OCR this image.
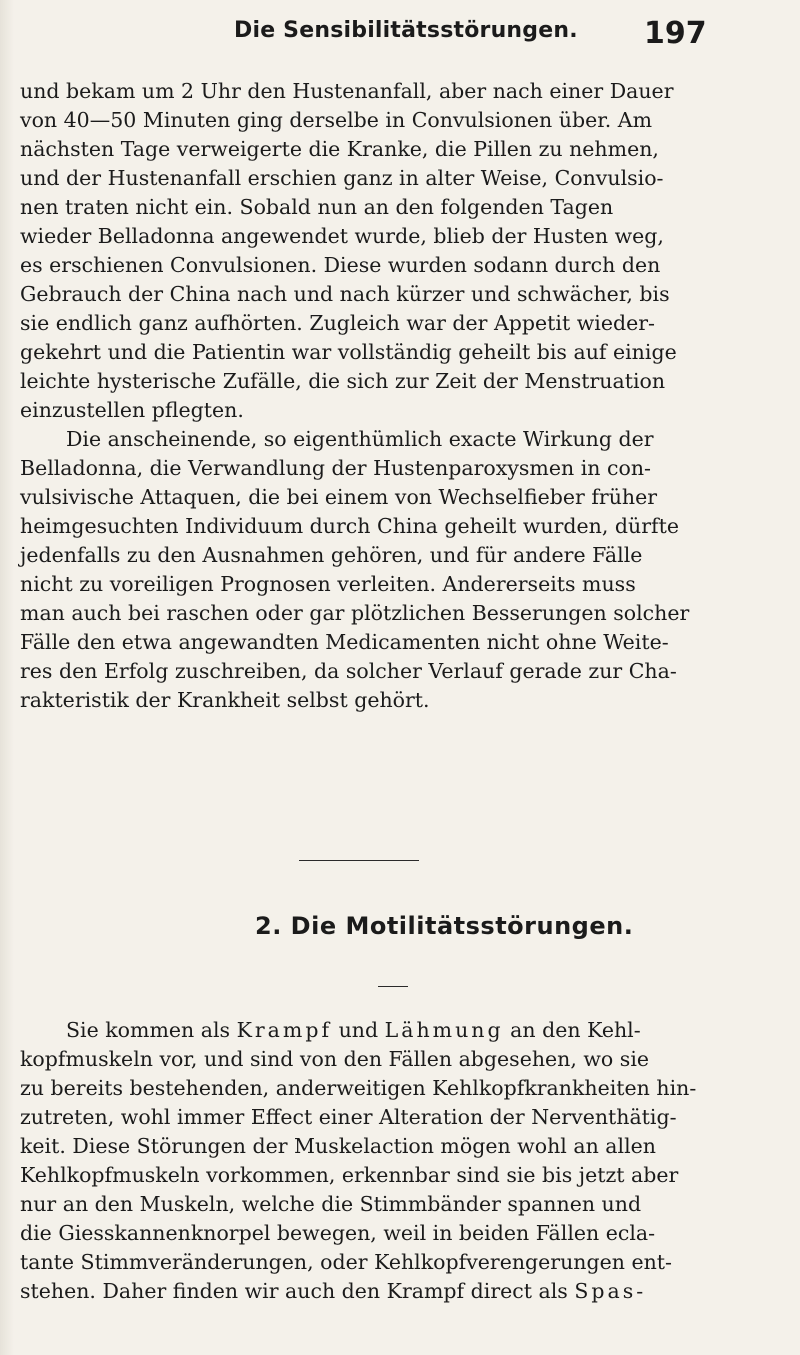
Die Sensibilitätsstörungen. 197
und bekam um 2 Uhr den Hustenanfall, aber nach einer Dauer
von 40—50 Minuten ging derselbe in Convulsionen über. Am
nächsten Tage verweigerte die Kranke, die Pillen zu nehmen,
und der Hustenanfall erschien ganz in alter Weise, Convulsio-
nen traten nicht ein. Sobald nun an den folgenden Tagen
wieder Belladonna angewendet wurde, blieb der Husten weg,
es erschienen Convulsionen. Diese wurden sodann durch den
Gebrauch der China nach und nach kürzer und schwächer, bis
sie endlich ganz aufhörten. Zugleich war der Appetit wieder-
gekehrt und die Patientin war vollständig geheilt bis auf einige
leichte hysterische Zufälle, die sich zur Zeit der Menstruation
einzustellen pflegten.
Die anscheinende, so eigenthümlich exacte Wirkung der
Belladonna, die Verwandlung der Hustenparoxysmen in con-
vulsivische Attaquen, die bei einem von Wechselfieber früher
heimgesuchten Individuum durch China geheilt wurden, dürfte
jedenfalls zu den Ausnahmen gehören, und für andere Fälle
nicht zu voreiligen Prognosen verleiten. Andererseits muss
man auch bei raschen oder gar plötzlichen Besserungen solcher
Fälle den etwa angewandten Medicamenten nicht ohne Weite-
res den Erfolg zuschreiben, da solcher Verlauf gerade zur Cha-
rakteristik der Krankheit selbst gehört.
2. Die Motilitätsstörungen.
Sie kommen als Krampf und Lähmung an den Kehl-
kopfmuskeln vor, und sind von den Fällen abgesehen, wo sie
zu bereits bestehenden, anderweitigen Kehlkopfkrankheiten hin-
zutreten, wohl immer Effect einer Alteration der Nerventhätig-
keit. Diese Störungen der Muskelaction mögen wohl an allen
Kehlkopfmuskeln vorkommen, erkennbar sind sie bis jetzt aber
nur an den Muskeln, welche die Stimmbänder spannen und
die Giesskannenknorpel bewegen, weil in beiden Fällen ecla-
tante Stimmveränderungen, oder Kehlkopfverengerungen ent-
stehen. Daher finden wir auch den Krampf direct als Spas-
